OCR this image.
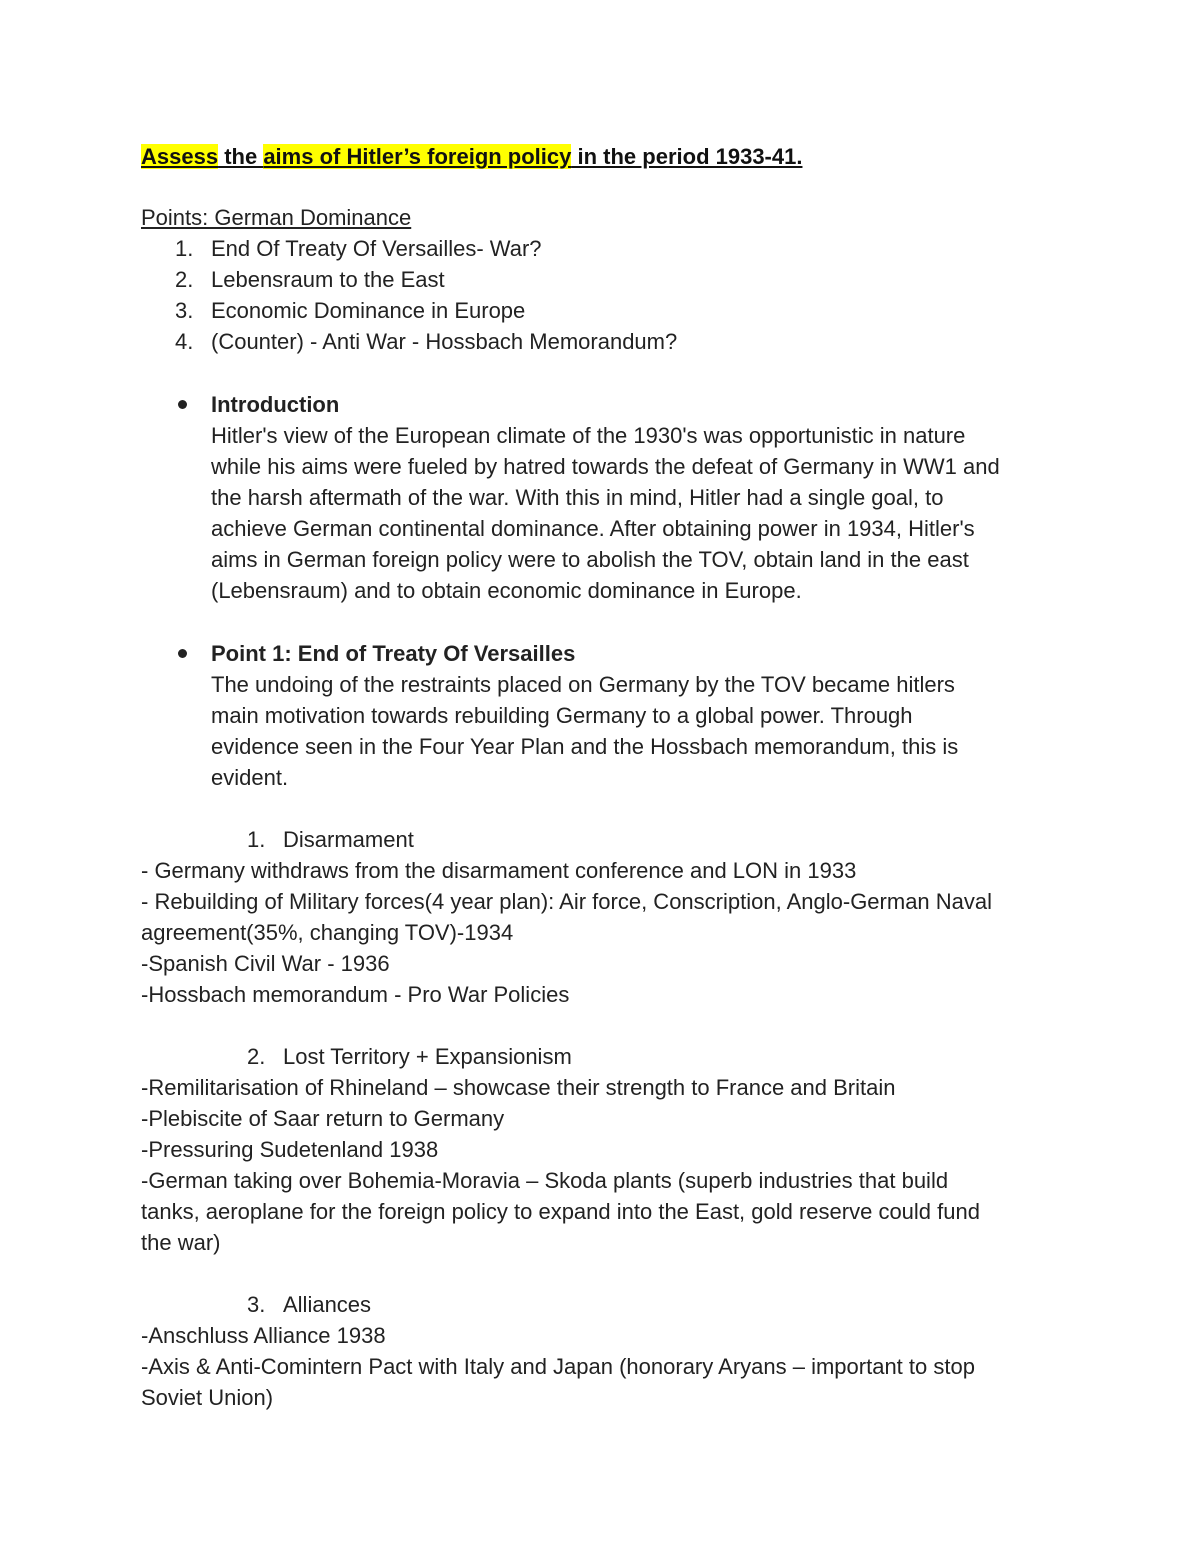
Assess the aims of Hitler’s foreign policy in the period 1933-41.
Points: German Dominance
1. End Of Treaty Of Versailles- War?
2. Lebensraum to the East
3. Economic Dominance in Europe
4. (Counter) - Anti War - Hossbach Memorandum?
Introduction
Hitler's view of the European climate of the 1930's was opportunistic in nature
while his aims were fueled by hatred towards the defeat of Germany in WW1 and
the harsh aftermath of the war. With this in mind, Hitler had a single goal, to
achieve German continental dominance. After obtaining power in 1934, Hitler's
aims in German foreign policy were to abolish the TOV, obtain land in the east
(Lebensraum) and to obtain economic dominance in Europe.
Point 1: End of Treaty Of Versailles
The undoing of the restraints placed on Germany by the TOV became hitlers
main motivation towards rebuilding Germany to a global power. Through
evidence seen in the Four Year Plan and the Hossbach memorandum, this is
evident.
1. Disarmament
- Germany withdraws from the disarmament conference and LON in 1933
- Rebuilding of Military forces(4 year plan): Air force, Conscription, Anglo-German Naval
agreement(35%, changing TOV)-1934
-Spanish Civil War - 1936
-Hossbach memorandum - Pro War Policies
2. Lost Territory + Expansionism
-Remilitarisation of Rhineland – showcase their strength to France and Britain
-Plebiscite of Saar return to Germany
-Pressuring Sudetenland 1938
-German taking over Bohemia-Moravia – Skoda plants (superb industries that build
tanks, aeroplane for the foreign policy to expand into the East, gold reserve could fund
the war)
3. Alliances
-Anschluss Alliance 1938
-Axis & Anti-Comintern Pact with Italy and Japan (honorary Aryans – important to stop
Soviet Union)
